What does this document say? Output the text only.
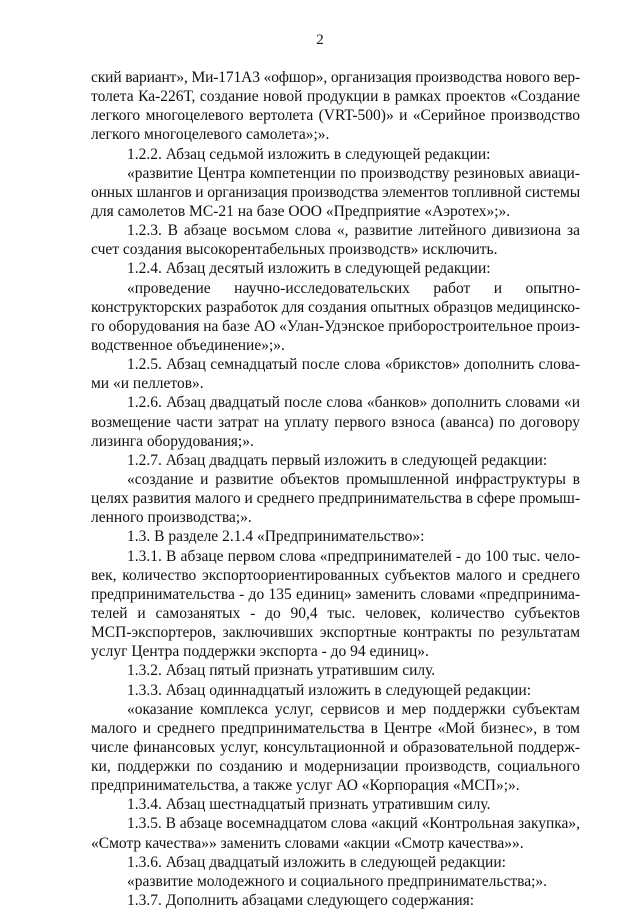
2
ский вариант», Ми-171А3 «офшор», организация производства нового вер-
толета Ка-226Т, создание новой продукции в рамках проектов «Создание
легкого многоцелевого вертолета (VRT-500)» и «Серийное производство
легкого многоцелевого самолета»;».
1.2.2. Абзац седьмой изложить в следующей редакции:
«развитие Центра компетенции по производству резиновых авиаци-
онных шлангов и организация производства элементов топливной системы
для самолетов МС-21 на базе ООО «Предприятие «Аэротех»;».
1.2.3. В абзаце восьмом слова «, развитие литейного дивизиона за
счет создания высокорентабельных производств» исключить.
1.2.4. Абзац десятый изложить в следующей редакции:
«проведение научно-исследовательских работ и опытно-
конструкторских разработок для создания опытных образцов медицинско-
го оборудования на базе АО «Улан-Удэнское приборостроительное произ-
водственное объединение»;».
1.2.5. Абзац семнадцатый после слова «брикстов» дополнить слова-
ми «и пеллетов».
1.2.6. Абзац двадцатый после слова «банков» дополнить словами «и
возмещение части затрат на уплату первого взноса (аванса) по договору
лизинга оборудования;».
1.2.7. Абзац двадцать первый изложить в следующей редакции:
«создание и развитие объектов промышленной инфраструктуры в
целях развития малого и среднего предпринимательства в сфере промыш-
ленного производства;».
1.3. В разделе 2.1.4 «Предпринимательство»:
1.3.1. В абзаце первом слова «предпринимателей - до 100 тыс. чело-
век, количество экспортоориентированных субъектов малого и среднего
предпринимательства - до 135 единиц» заменить словами «предпринима-
телей и самозанятых - до 90,4 тыс. человек, количество субъектов
МСП-экспортеров, заключивших экспортные контракты по результатам
услуг Центра поддержки экспорта - до 94 единиц».
1.3.2. Абзац пятый признать утратившим силу.
1.3.3. Абзац одиннадцатый изложить в следующей редакции:
«оказание комплекса услуг, сервисов и мер поддержки субъектам
малого и среднего предпринимательства в Центре «Мой бизнес», в том
числе финансовых услуг, консультационной и образовательной поддерж-
ки, поддержки по созданию и модернизации производств, социального
предпринимательства, а также услуг АО «Корпорация «МСП»;».
1.3.4. Абзац шестнадцатый признать утратившим силу.
1.3.5. В абзаце восемнадцатом слова «акций «Контрольная закупка»,
«Смотр качества»» заменить словами «акции «Смотр качества»».
1.3.6. Абзац двадцатый изложить в следующей редакции:
«развитие молодежного и социального предпринимательства;».
1.3.7. Дополнить абзацами следующего содержания:
